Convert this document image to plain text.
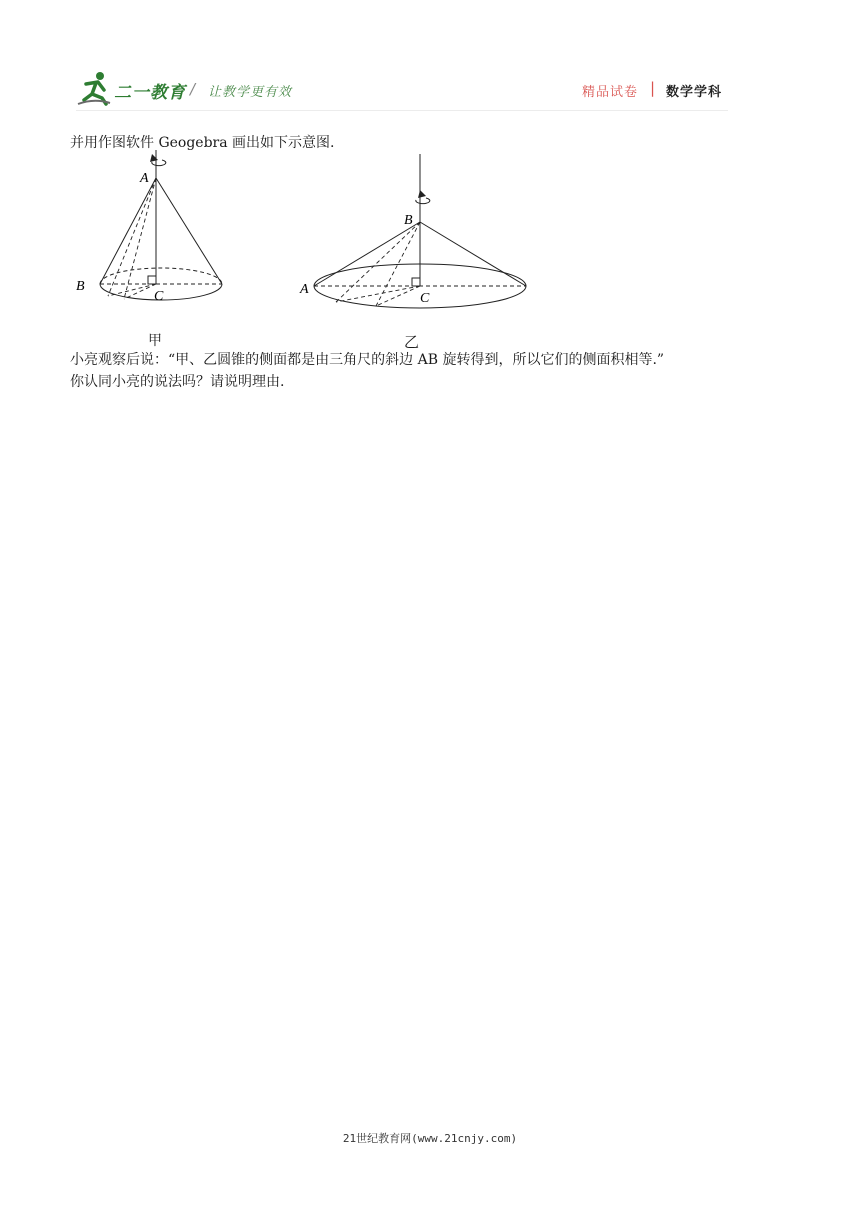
二一教育 / 让教学更有效	精品试卷 | 数学学科
并用作图软件 Geogebra 画出如下示意图.
A
B
C
甲
B
A
C
乙
小亮观察后说：“甲、乙圆锥的侧面都是由三角尺的斜边 AB 旋转得到，所以它们的侧面积相等.”
你认同小亮的说法吗？请说明理由.
21世纪教育网(www.21cnjy.com)
